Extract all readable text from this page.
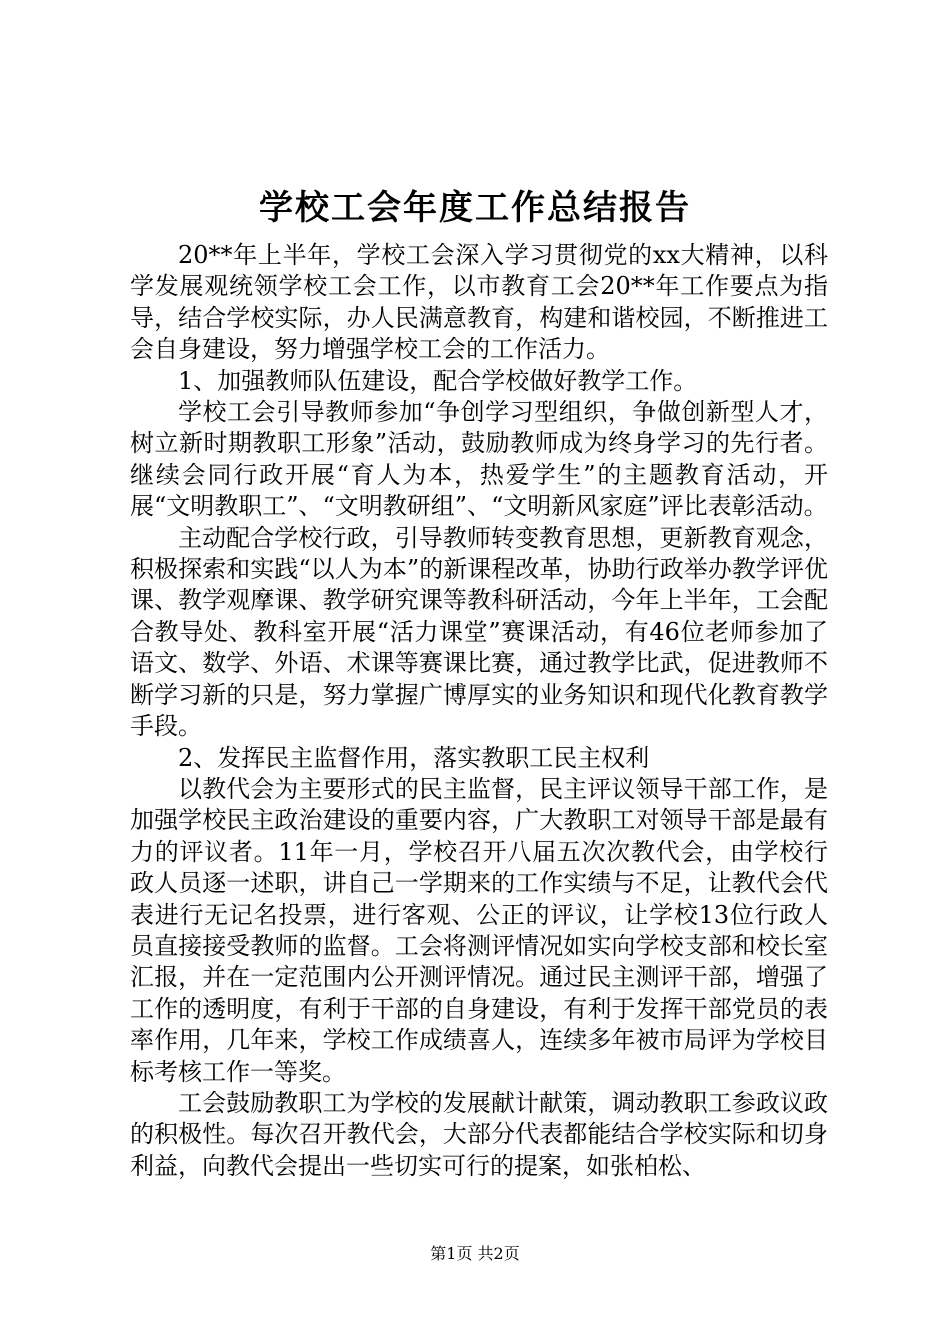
学校工会年度工作总结报告

20**年上半年，学校工会深入学习贯彻党的xx大精神，以科学发展观统领学校工会工作，以市教育工会20**年工作要点为指导，结合学校实际，办人民满意教育，构建和谐校园，不断推进工会自身建设，努力增强学校工会的工作活力。

1、加强教师队伍建设，配合学校做好教学工作。

学校工会引导教师参加“争创学习型组织，争做创新型人才，树立新时期教职工形象”活动，鼓励教师成为终身学习的先行者。继续会同行政开展“育人为本，热爱学生”的主题教育活动，开展“文明教职工”、“文明教研组”、“文明新风家庭”评比表彰活动。

主动配合学校行政，引导教师转变教育思想，更新教育观念，积极探索和实践“以人为本”的新课程改革，协助行政举办教学评优课、教学观摩课、教学研究课等教科研活动，今年上半年，工会配合教导处、教科室开展“活力课堂”赛课活动，有46位老师参加了语文、数学、外语、术课等赛课比赛，通过教学比武，促进教师不断学习新的只是，努力掌握广博厚实的业务知识和现代化教育教学手段。

2、发挥民主监督作用，落实教职工民主权利

以教代会为主要形式的民主监督，民主评议领导干部工作，是加强学校民主政治建设的重要内容，广大教职工对领导干部是最有力的评议者。11年一月，学校召开八届五次次教代会，由学校行政人员逐一述职，讲自己一学期来的工作实绩与不足，让教代会代表进行无记名投票，进行客观、公正的评议，让学校13位行政人员直接接受教师的监督。工会将测评情况如实向学校支部和校长室汇报，并在一定范围内公开测评情况。通过民主测评干部，增强了工作的透明度，有利于干部的自身建设，有利于发挥干部党员的表率作用，几年来，学校工作成绩喜人，连续多年被市局评为学校目标考核工作一等奖。

工会鼓励教职工为学校的发展献计献策，调动教职工参政议政的积极性。每次召开教代会，大部分代表都能结合学校实际和切身利益，向教代会提出一些切实可行的提案，如张柏松、

第1页 共2页
